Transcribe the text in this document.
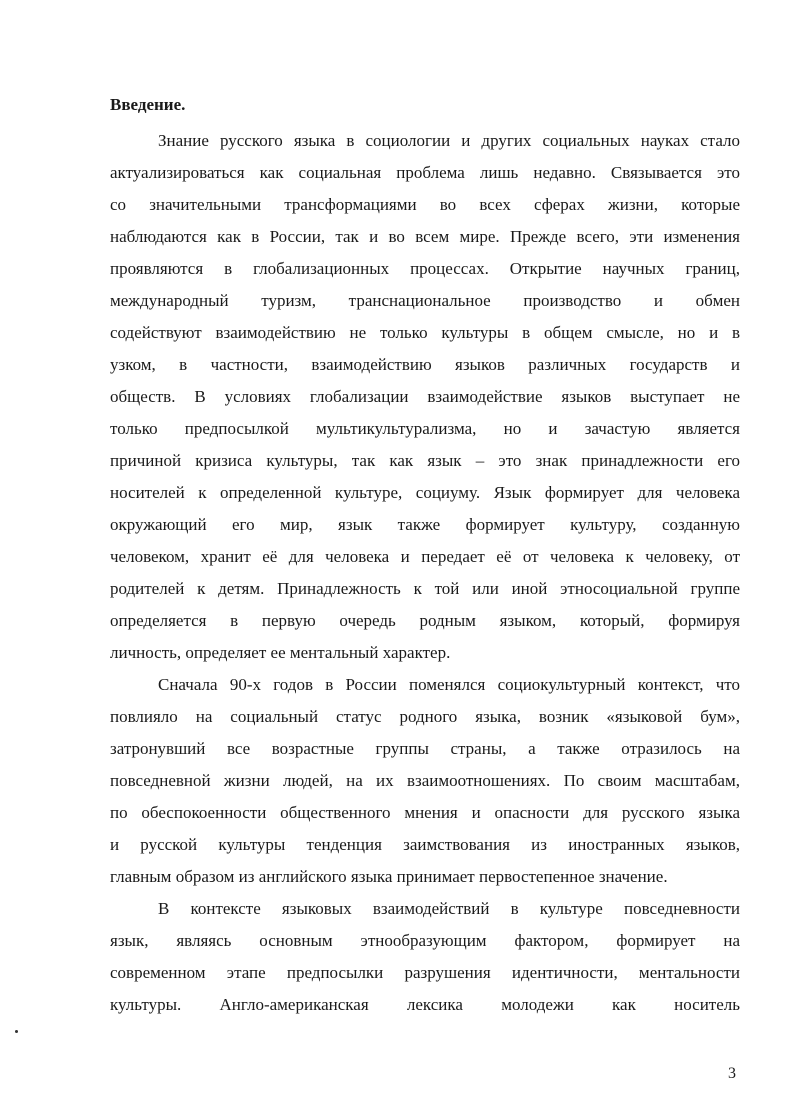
Введение.
Знание русского языка в социологии и других социальных науках стало
актуализироваться как социальная проблема лишь недавно. Связывается это
со значительными трансформациями во всех сферах жизни, которые
наблюдаются как в России, так и во всем мире. Прежде всего, эти изменения
проявляются в глобализационных процессах. Открытие научных границ,
международный туризм, транснациональное производство и обмен
содействуют взаимодействию не только культуры в общем смысле, но и в
узком, в частности, взаимодействию языков различных государств и
обществ. В условиях глобализации взаимодействие языков выступает не
только предпосылкой мультикультурализма, но и зачастую является
причиной кризиса культуры, так как язык – это знак принадлежности его
носителей к определенной культуре, социуму. Язык формирует для человека
окружающий его мир, язык также формирует культуру, созданную
человеком, хранит её для человека и передает её от человека к человеку, от
родителей к детям. Принадлежность к той или иной этносоциальной группе
определяется в первую очередь родным языком, который, формируя
личность, определяет ее ментальный характер.
Сначала 90-х годов в России поменялся социокультурный контекст, что
повлияло на социальный статус родного языка, возник «языковой бум»,
затронувший все возрастные группы страны, а также отразилось на
повседневной жизни людей, на их взаимоотношениях. По своим масштабам,
по обеспокоенности общественного мнения и опасности для русского языка
и русской культуры тенденция заимствования из иностранных языков,
главным образом из английского языка принимает первостепенное значение.
В контексте языковых взаимодействий в культуре повседневности
язык, являясь основным этнообразующим фактором, формирует на
современном этапе предпосылки разрушения идентичности, ментальности
культуры. Англо-американская лексика молодежи как носитель
3
